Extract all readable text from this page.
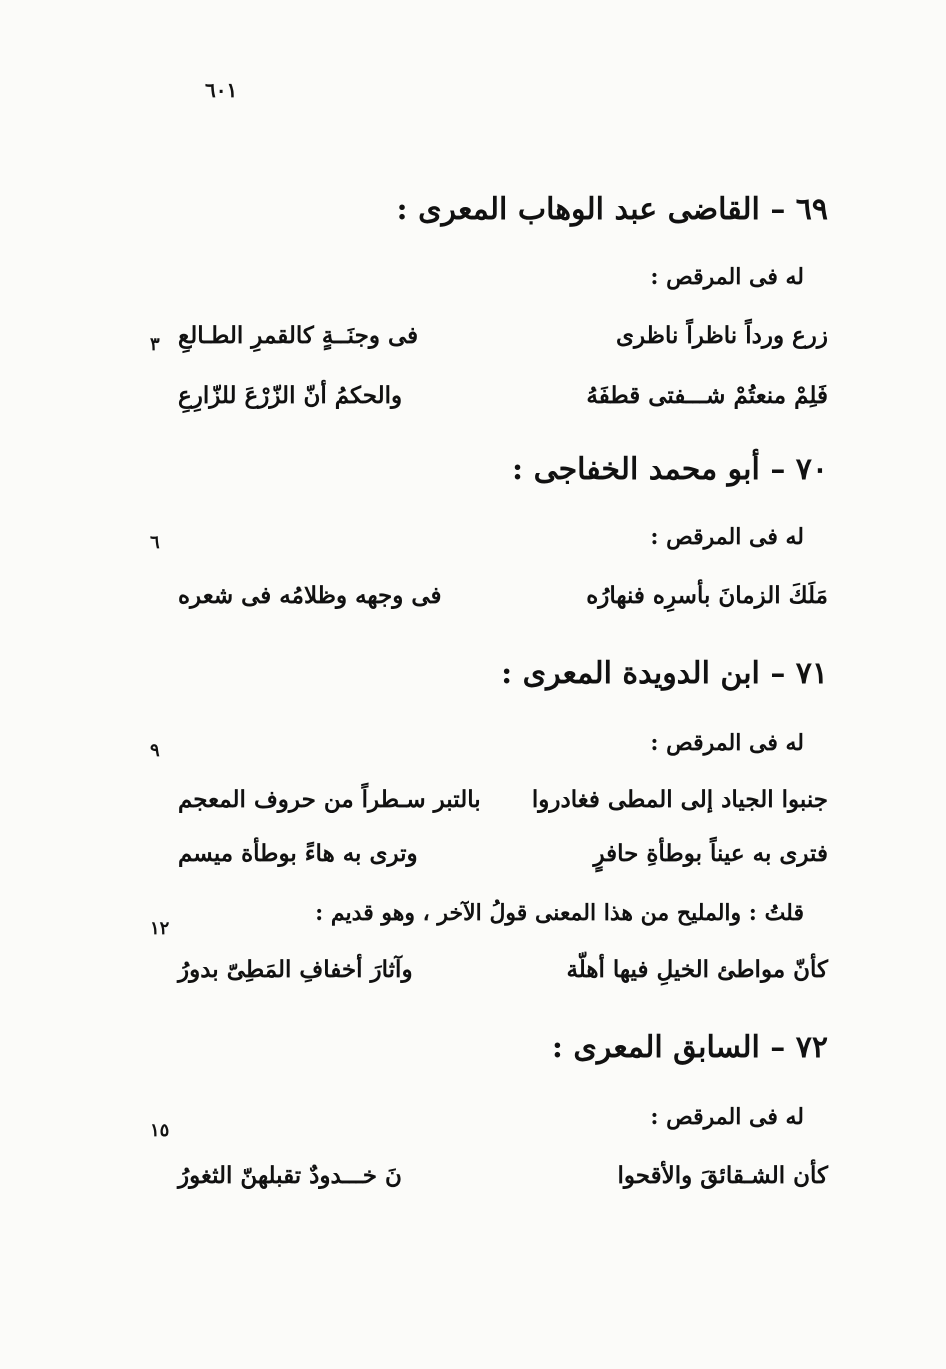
٦٠١
٦٩ – القاضى عبد الوهاب المعرى :
له فى المرقص :
زرع ورداً ناظراً ناظرى
فى وجنَــةٍ كالقمرِ الطـالعِ
فَلِمْ منعتُمْ شـــفتى قطفَهُ
والحكمُ أنّ الزّرْعَ للزّارِعِ
٧٠ – أبو محمد الخفاجى :
له فى المرقص :
مَلَكَ الزمانَ بأسرِه فنهارُه
فى وجهه وظلامُه فى شعره
٧١ – ابن الدويدة المعرى :
له فى المرقص :
جنبوا الجياد إلى المطى فغادروا
بالتبر سـطراً من حروف المعجم
فترى به عيناً بوطأةِ حافرٍ
وترى به هاءً بوطأة ميسم
قلتُ : والمليح من هذا المعنى قولُ الآخر ، وهو قديم :
كأنّ مواطئ الخيلِ فيها أهلّة
وآثارَ أخفافِ المَطِىّ بدورُ
٧٢ – السابق المعرى :
له فى المرقص :
كأن الشـقائقَ والأقحوا
نَ خـــدودٌ تقبلهنّ الثغورُ
٣
٦
٩
١٢
١٥
